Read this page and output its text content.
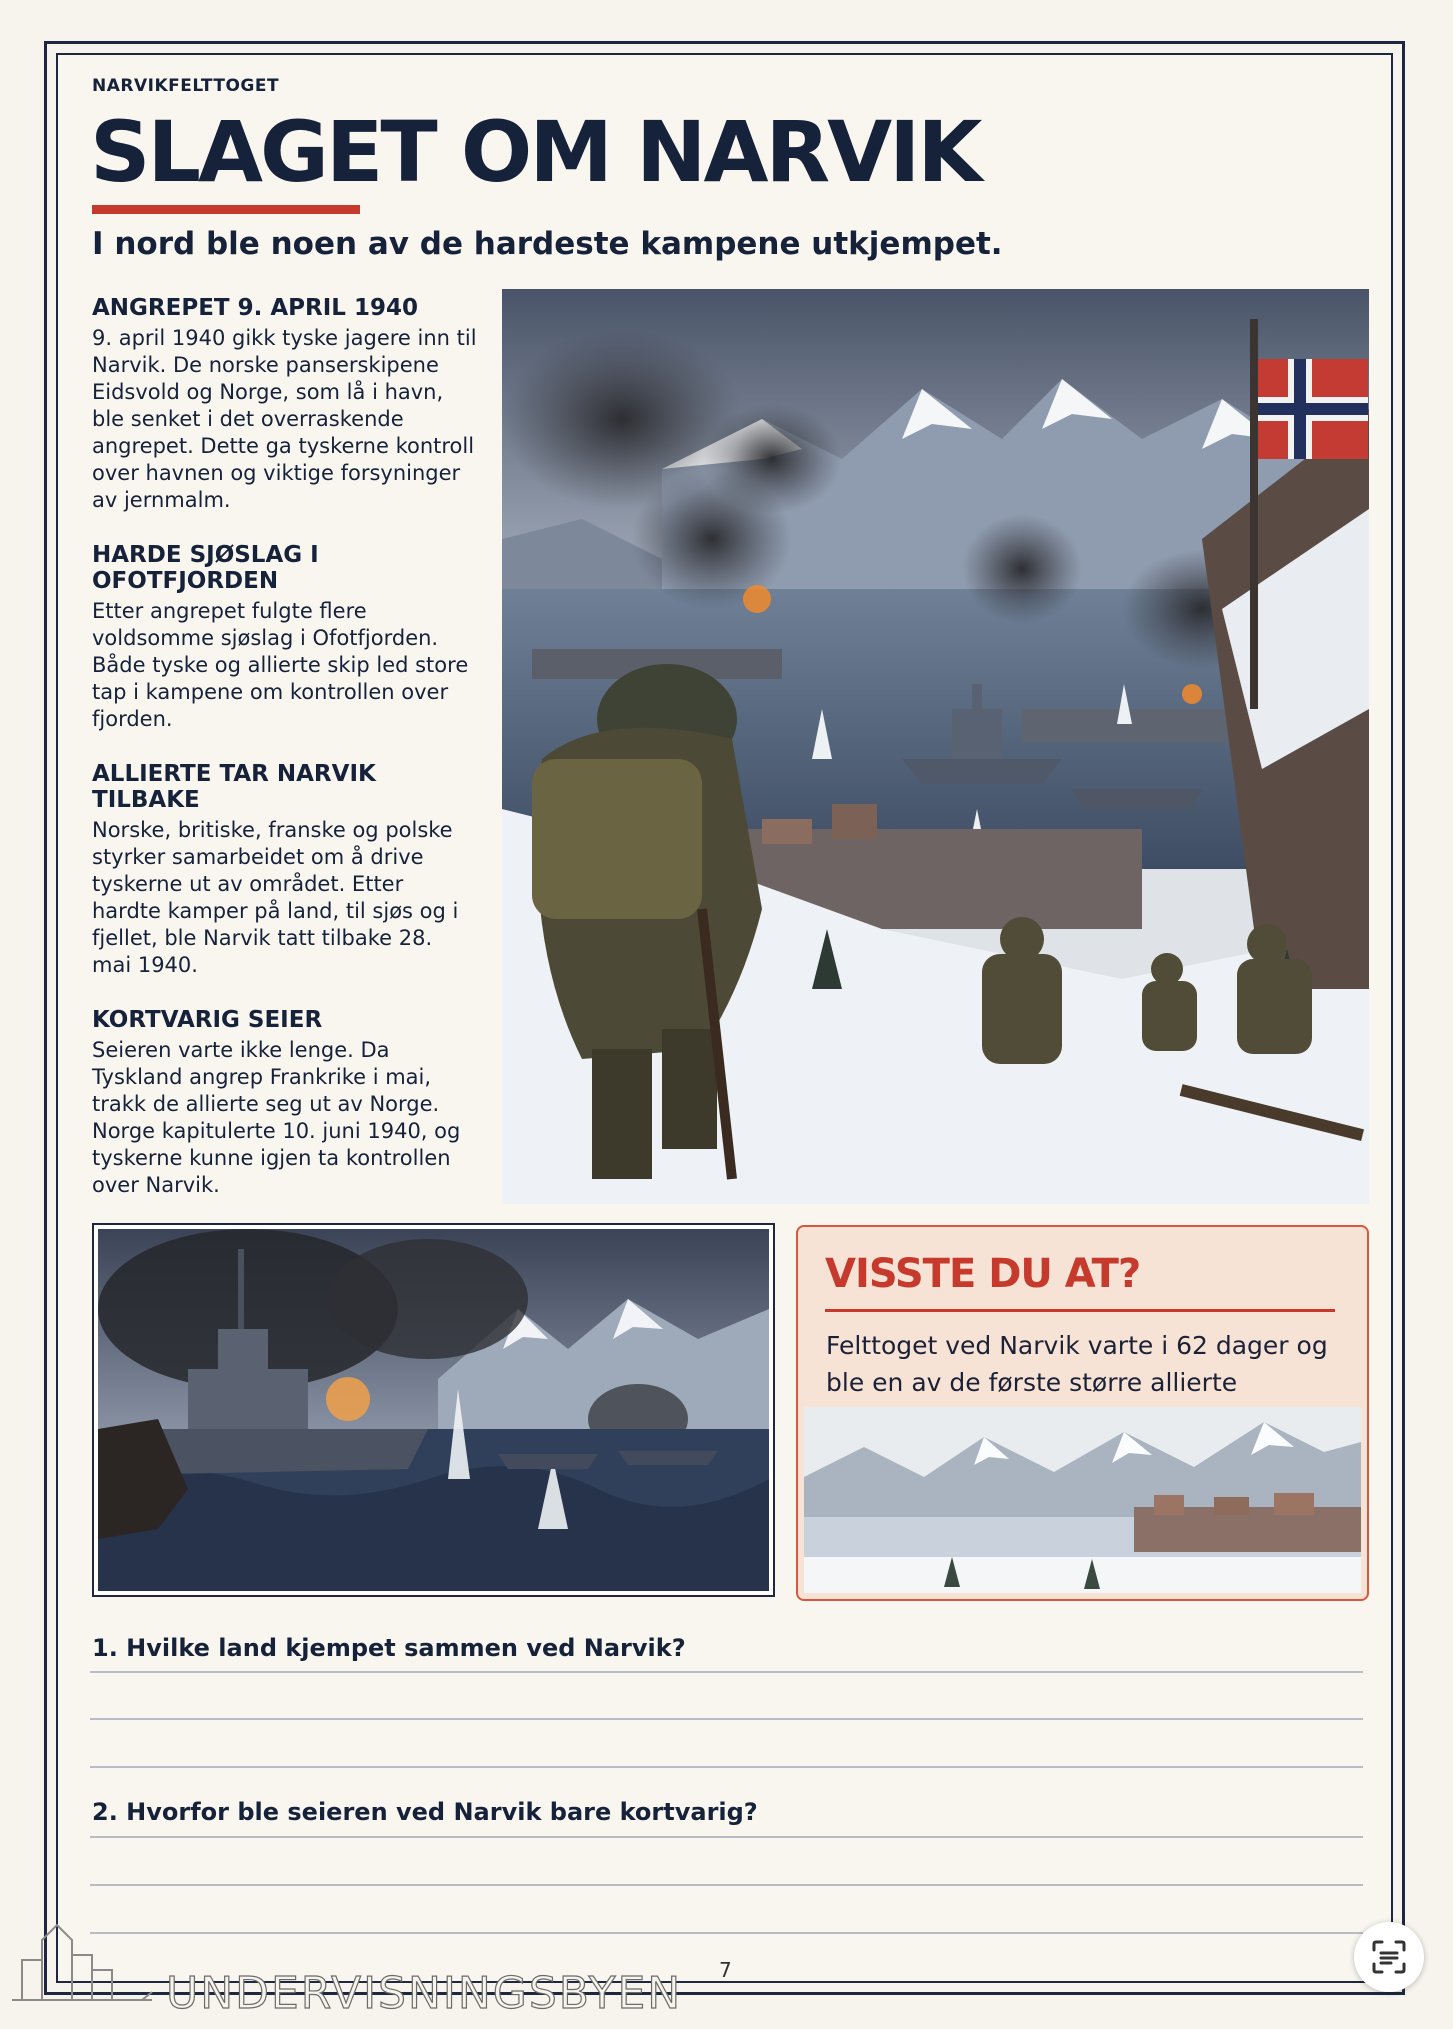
NARVIKFELTTOGET
SLAGET OM NARVIK
I nord ble noen av de hardeste kampene utkjempet.
ANGREPET 9. APRIL 1940

9. april 1940 gikk tyske jagere inn til Narvik. De norske panserskipene Eidsvold og Norge, som lå i havn, ble senket i det overraskende angrepet. Dette ga tyskerne kontroll over havnen og viktige forsyninger av jernmalm.

HARDE SJØSLAG I OFOTFJORDEN

Etter angrepet fulgte flere voldsomme sjøslag i Ofotfjorden. Både tyske og allierte skip led store tap i kampene om kontrollen over fjorden.

ALLIERTE TAR NARVIK TILBAKE

Norske, britiske, franske og polske styrker samarbeidet om å drive tyskerne ut av området. Etter hardte kamper på land, til sjøs og i fjellet, ble Narvik tatt tilbake 28. mai 1940.

KORTVARIG SEIER

Seieren varte ikke lenge. Da Tyskland angrep Frankrike i mai, trakk de allierte seg ut av Norge. Norge kapitulerte 10. juni 1940, og tyskerne kunne igjen ta kontrollen over Narvik.

VISSTE DU AT?
Felttoget ved Narvik varte i 62 dager og ble en av de første større allierte
1. Hvilke land kjempet sammen ved Narvik?
2. Hvorfor ble seieren ved Narvik bare kortvarig?
UNDERVISNINGSBYEN 7
